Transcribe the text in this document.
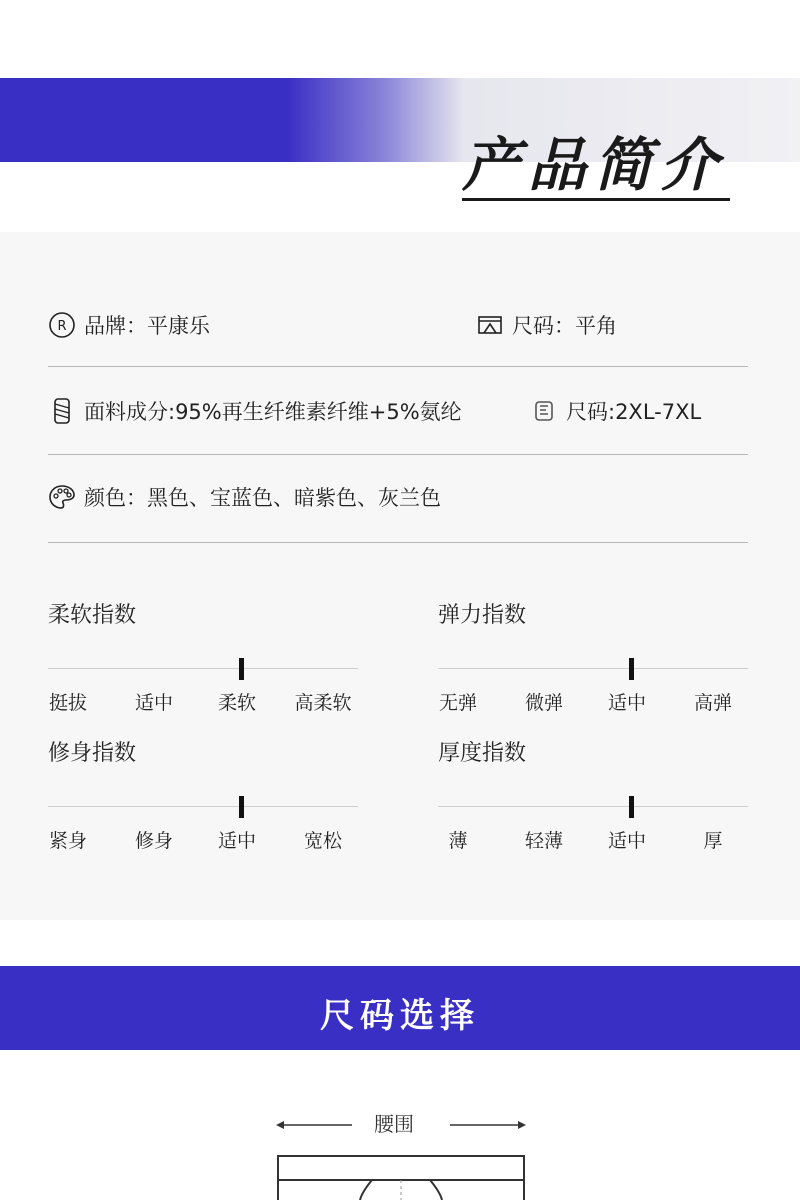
产品简介
R 品牌：平康乐	尺码：平角
面料成分:95%再生纤维素纤维+5%氨纶	尺码:2XL-7XL
颜色：黑色、宝蓝色、暗紫色、灰兰色
柔软指数
挺拔	适中 柔软 高柔软
弹力指数
无弹	微弹 适中	高弹
修身指数
紧身	修身 适中	宽松
厚度指数
薄	轻薄 适中	厚
尺码选择
腰围
